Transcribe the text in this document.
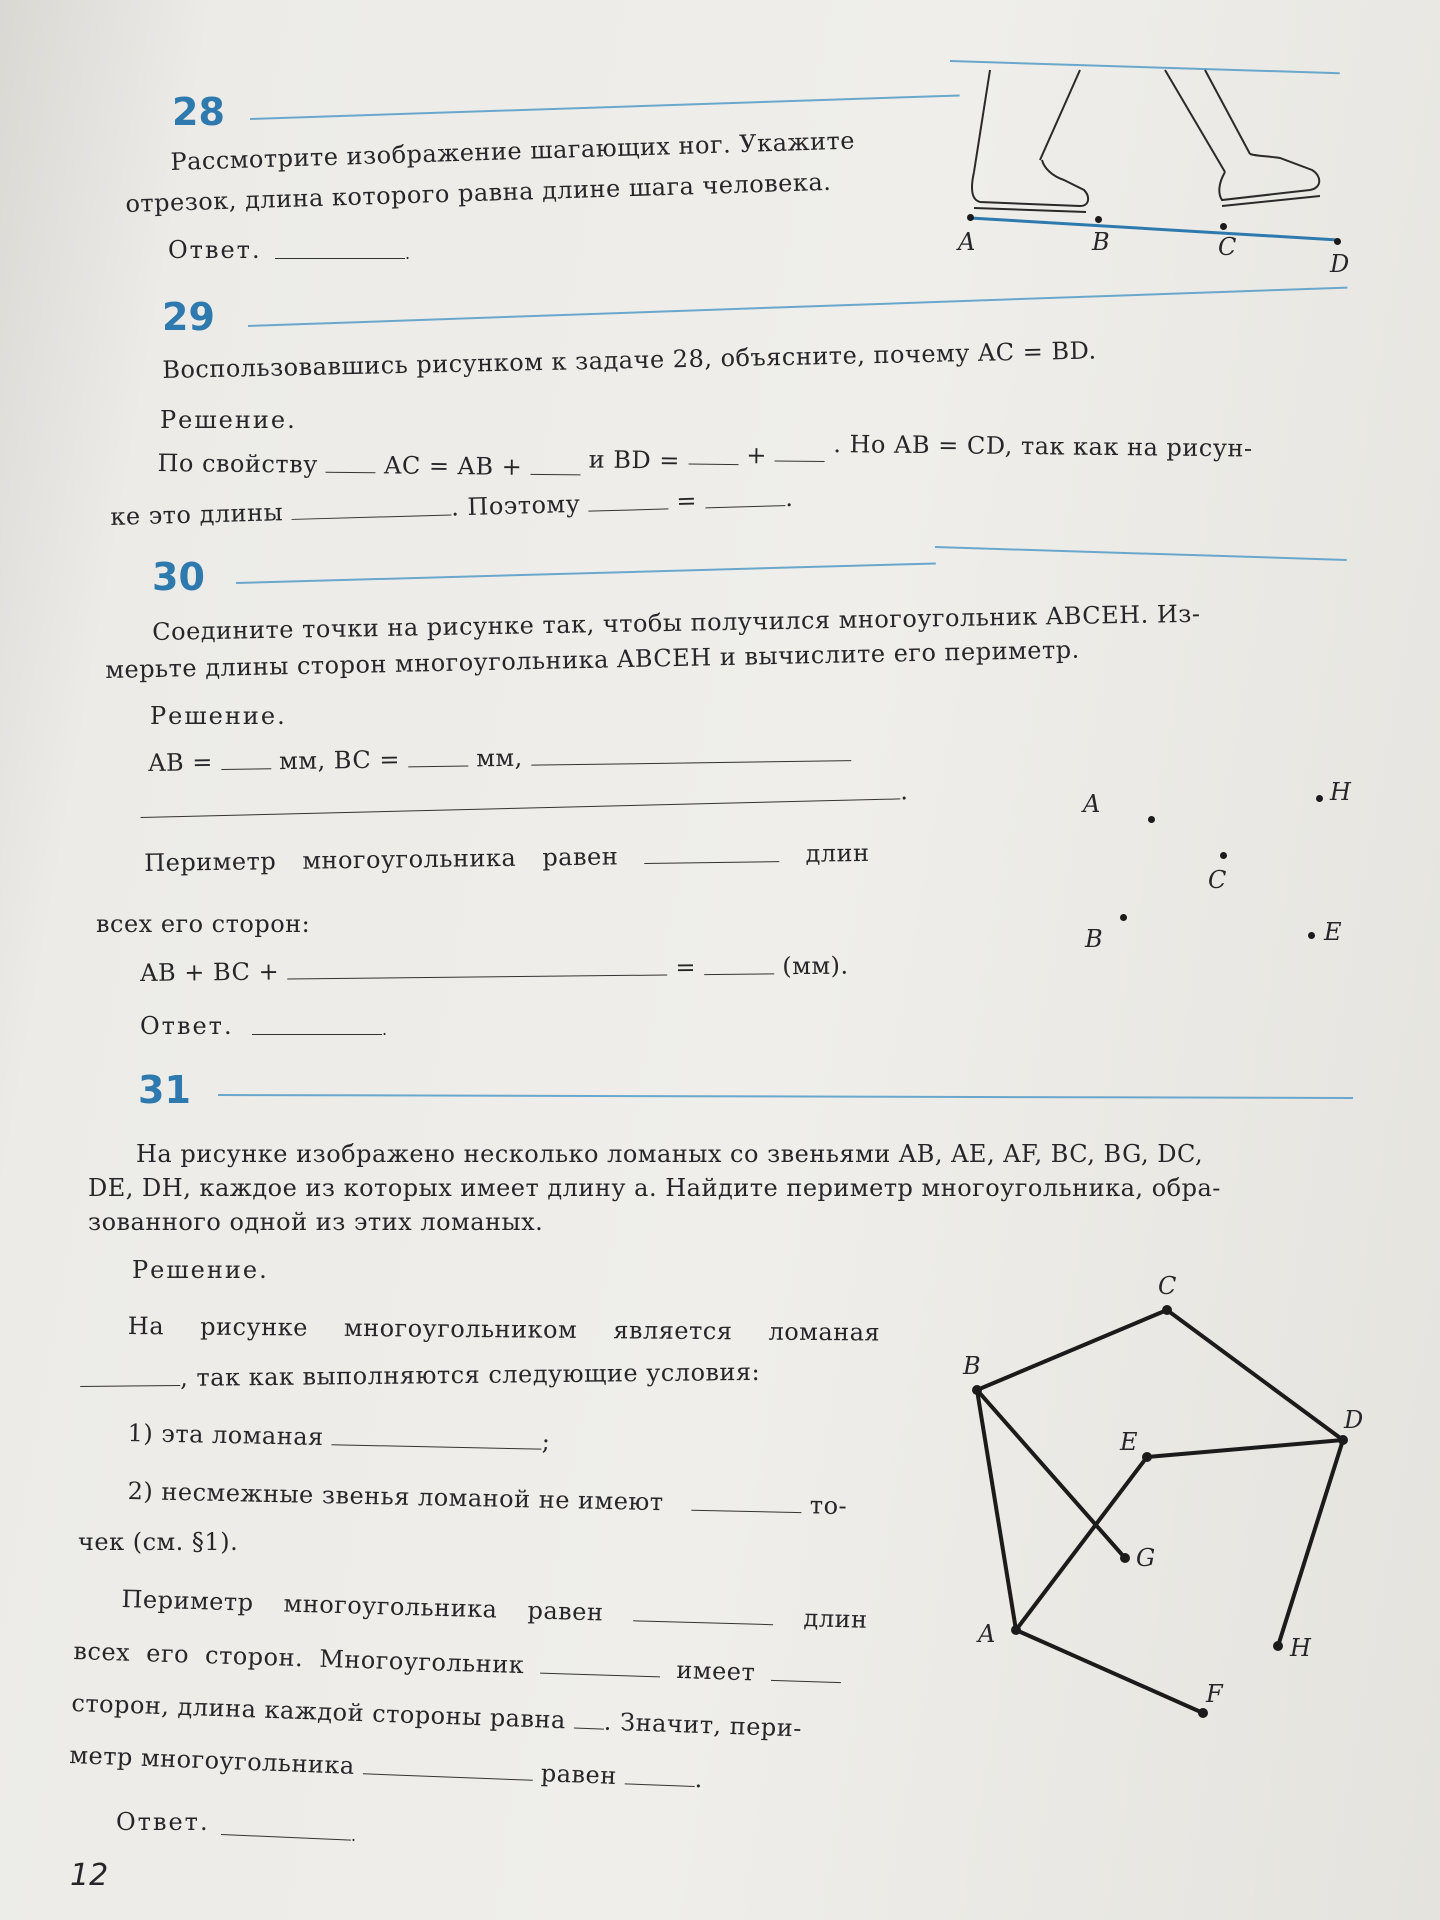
28
Рассмотрите изображение шагающих ног. Укажите
отрезок, длина которого равна длине шага человека.
Ответ.	.	A	B	C
D
29
Воспользовавшись рисунком к задаче 28, объясните, почему AC = BD.
Решение.
По свойству	AC = AB +	и BD =	+	. Но AB = CD, так как на рисун-
ке это длины	. Поэтому	=	.
30
Соедините точки на рисунке так, чтобы получился многоугольник ABCEH. Из-
мерьте длины сторон многоугольника ABCEH и вычислите его периметр.
Решение.
AB =	мм, BC =	мм,
.
Периметр многоугольника равен	длин
всех его сторон:
AB + BC +	=	(мм).
Ответ.	.
A	H
C
B	E
31
На рисунке изображено несколько ломаных со звеньями AB, AE, AF, BC, BG, DC,
DE, DH, каждое из которых имеет длину a. Найдите периметр многоугольника, обра-
зованного одной из этих ломаных.
Решение.
На рисунке многоугольником является ломаная
, так как выполняются следующие условия:
1) эта ломаная	;
2) несмежные звенья ломаной не имеют	то-
чек (см. §1).
Периметр многоугольника равен	длин
всех его сторон. Многоугольник	имеет
сторон, длина каждой стороны равна . Значит, пери-
метр многоугольника	равен	.
Ответ.	.
C
B
D
E
G
A	H
F
12
